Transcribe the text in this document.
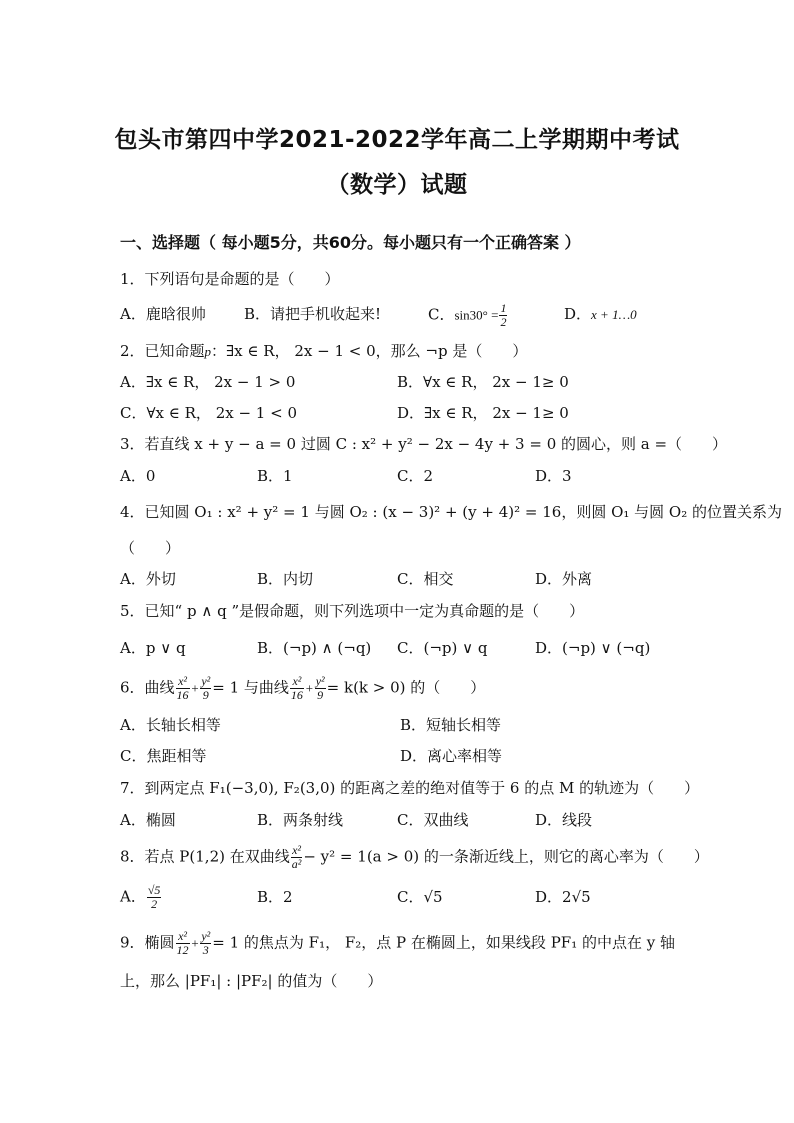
包头市第四中学2021-2022学年高二上学期期中考试
（数学）试题
一、选择题（ 每小题5分，共60分。每小题只有一个正确答案 ）
1．下列语句是命题的是（　　）
A．鹿晗很帅	B．请把手机收起来!	C．$\sin 30^\circ = \frac{1}{2}$	D．x + 1…0
2．已知命题p：∃x ∈ R， 2x − 1 < 0，那么 ¬p 是（　　）
A．∃x ∈ R， 2x − 1 > 0	B．∀x ∈ R， 2x − 1≥ 0
C．∀x ∈ R， 2x − 1 < 0	D．∃x ∈ R， 2x − 1≥ 0
3．若直线 x + y − a = 0 过圆 C : x² + y² − 2x − 4y + 3 = 0 的圆心，则 a =（　　）
A．0	B．1	C．2	D．3
4．已知圆 O₁ : x² + y² = 1 与圆 O₂ : (x − 3)² + (y + 4)² = 16，则圆 O₁ 与圆 O₂ 的位置关系为
（　　）
A．外切	B．内切	C．相交	D．外离
5．已知“ p ∧ q ”是假命题，则下列选项中一定为真命题的是（　　）
A．p ∨ q	B．(¬p) ∧ (¬q) C．(¬p) ∨ q	D．(¬p) ∨ (¬q)
6．曲线 $\frac{\text{x²}}{16} + \frac{\text{y²}}{9} = 1$ 与曲线 $\frac{\text{x²}}{16} + \frac{\text{y²}}{9} = k(k > 0)$ 的（　　）
A．长轴长相等	B．短轴长相等
C．焦距相等	D．离心率相等
7．到两定点 F₁(−3,0), F₂(3,0) 的距离之差的绝对值等于 6 的点 M 的轨迹为（　　）
A．椭圆	B．两条射线	C．双曲线	D．线段
8．若点 P(1,2) 在双曲线 $\frac{\text{x²}}{\text{a²}} - y^2 = 1(a > 0)$ 的一条渐近线上，则它的离心率为（　　）
A． $\frac{√5}{2}$	B．2	C．√5	D．2√5
9．椭圆 $\frac{\text{x²}}{12} + \frac{\text{y²}}{3} = 1$ 的焦点为 F₁， F₂，点 P 在椭圆上，如果线段 PF₁ 的中点在 y 轴
上，那么 |PF₁| : |PF₂| 的值为（　　）
